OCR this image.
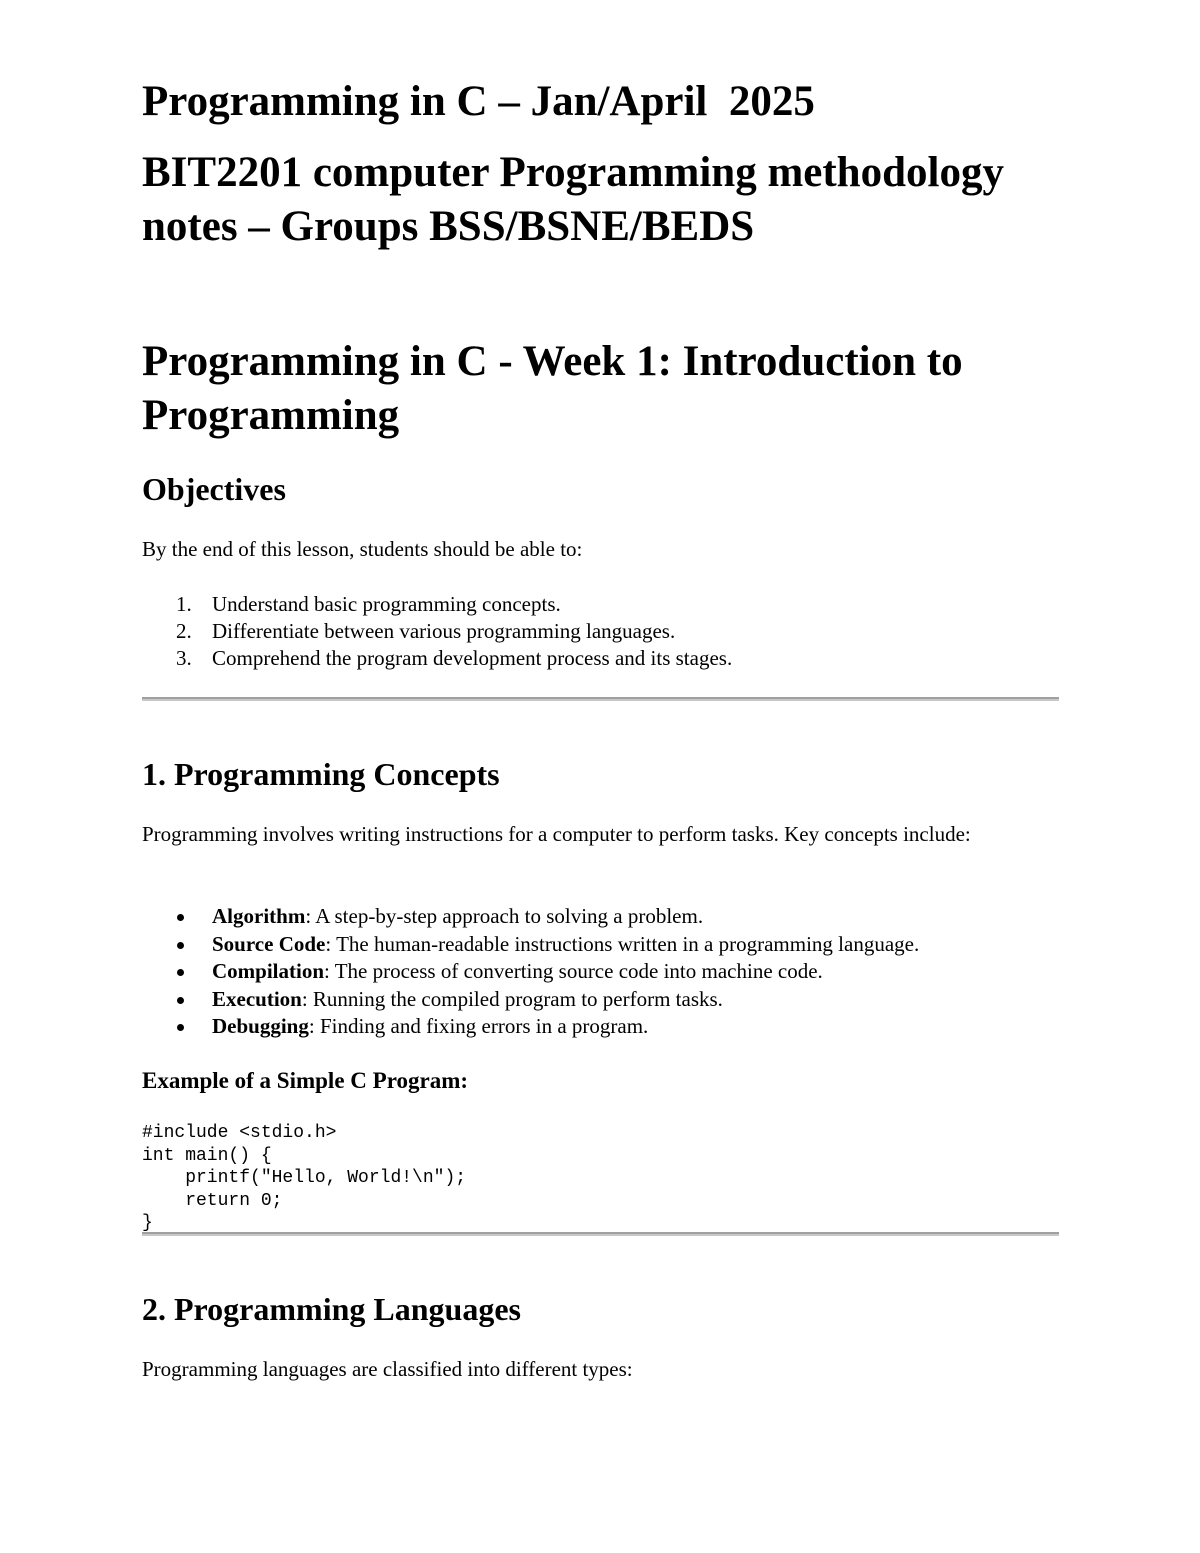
Programming in C – Jan/April  2025
BIT2201 computer Programming methodology notes – Groups BSS/BSNE/BEDS
Programming in C - Week 1: Introduction to Programming
Objectives

By the end of this lesson, students should be able to:

1. Understand basic programming concepts.
2. Differentiate between various programming languages.
3. Comprehend the program development process and its stages.
1. Programming Concepts

Programming involves writing instructions for a computer to perform tasks. Key concepts include:

Algorithm: A step-by-step approach to solving a problem.
Source Code: The human-readable instructions written in a programming language.
Compilation: The process of converting source code into machine code.
Execution: Running the compiled program to perform tasks.
Debugging: Finding and fixing errors in a program.
Example of a Simple C Program:
#include <stdio.h>
int main() {
printf("Hello, World!\n");
return 0;
}
2. Programming Languages

Programming languages are classified into different types:
